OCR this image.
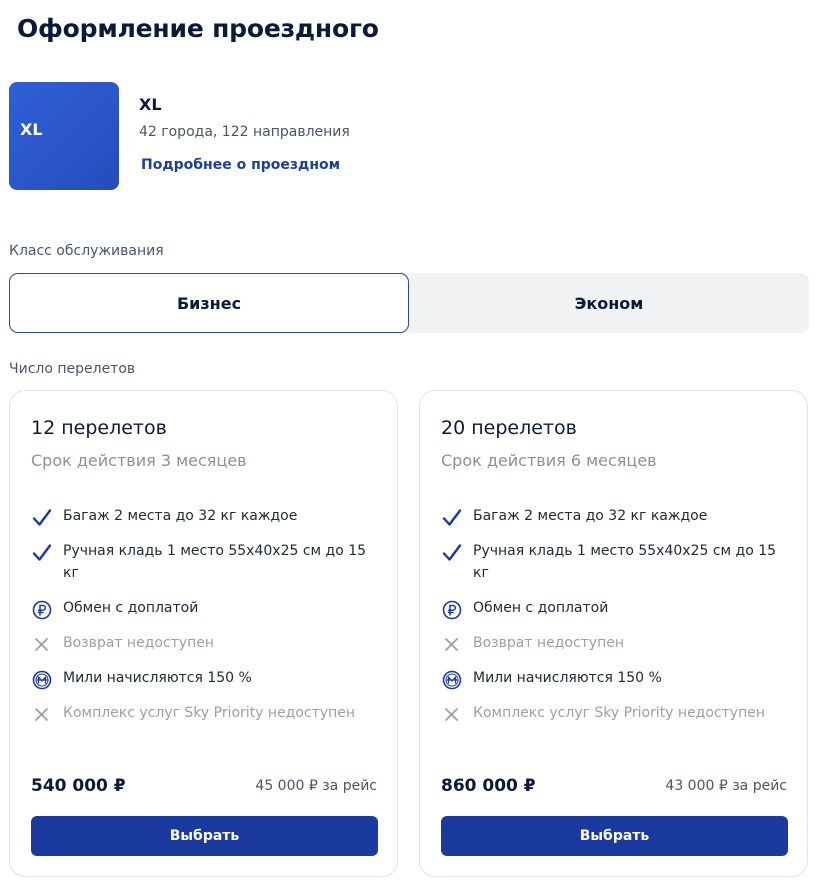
Оформление проездного
XL
XL
42 города, 122 направления
Подробнее о проездном
Класс обслуживания
Бизнес	Эконом
Число перелетов
12 перелетов
Срок действия 3 месяцев
Багаж 2 места до 32 кг каждое
Ручная кладь 1 место 55х40х25 см до 15 кг
Обмен с доплатой
Возврат недоступен
Мили начисляются 150 %
Комплекс услуг Sky Priority недоступен
540 000 ₽	45 000 ₽ за рейс
Выбрать
20 перелетов
Срок действия 6 месяцев
Багаж 2 места до 32 кг каждое
Ручная кладь 1 место 55х40х25 см до 15 кг
Обмен с доплатой
Возврат недоступен
Мили начисляются 150 %
Комплекс услуг Sky Priority недоступен
860 000 ₽	43 000 ₽ за рейс
Выбрать
